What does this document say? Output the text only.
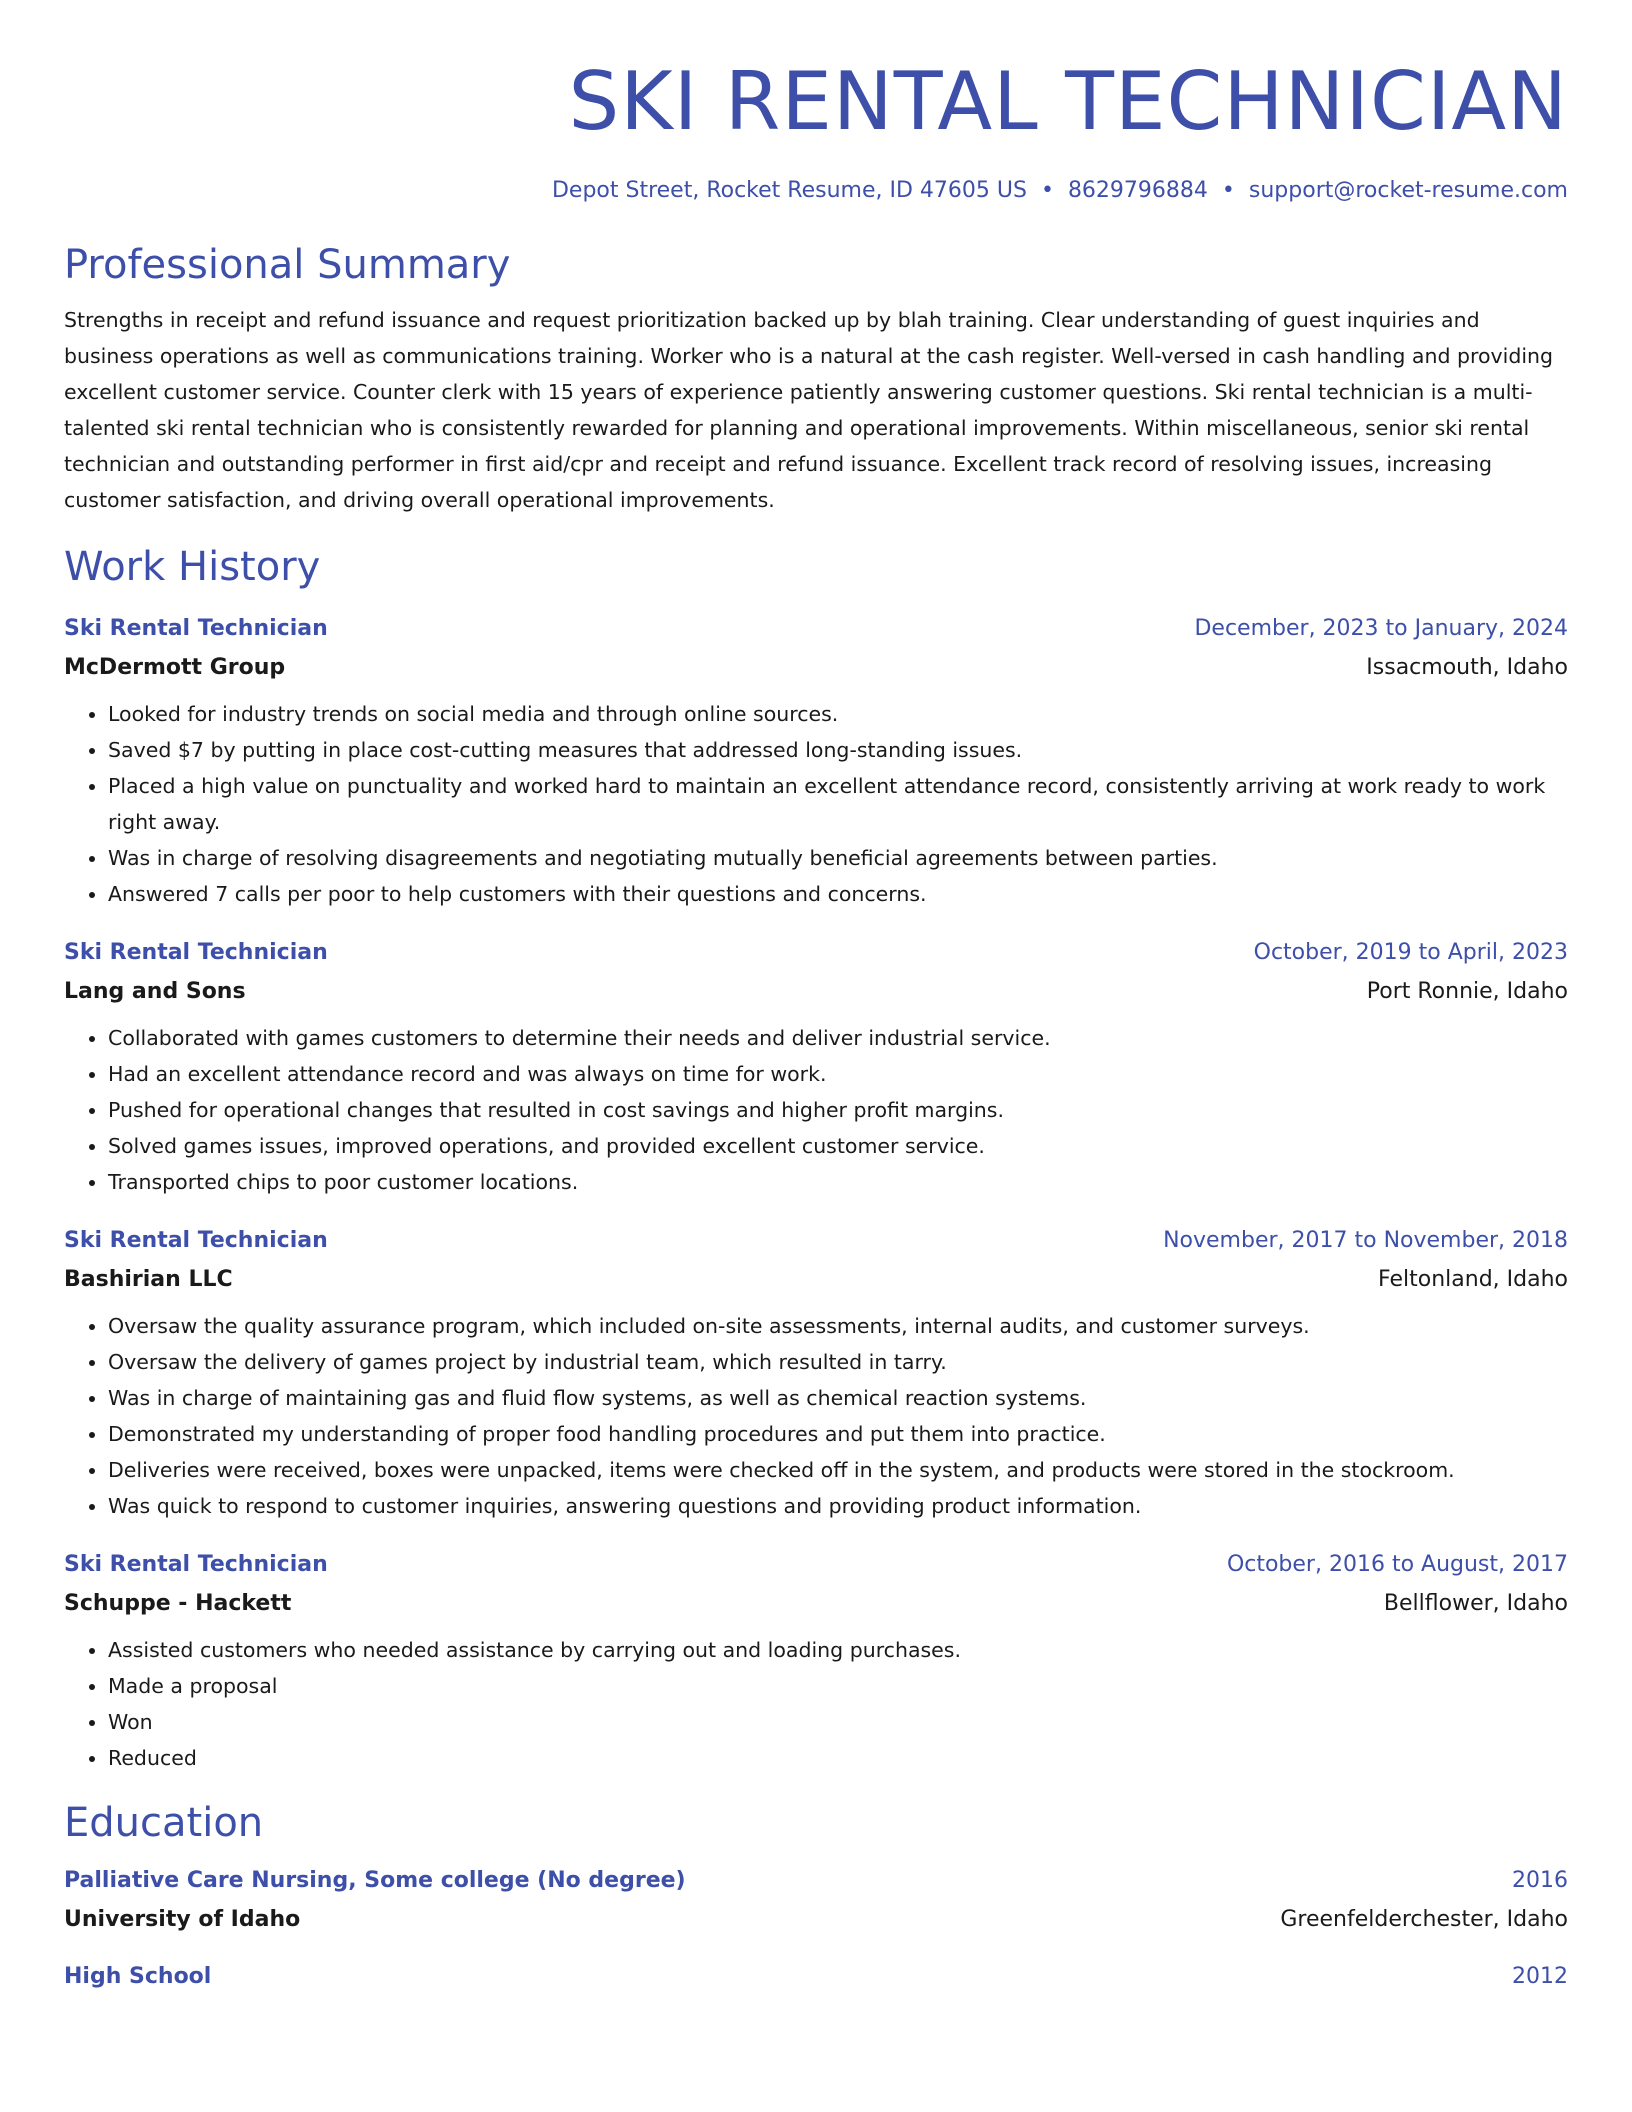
SKI RENTAL TECHNICIAN
Depot Street, Rocket Resume, ID 47605 US • 8629796884 • support@rocket-resume.com
Professional Summary
Strengths in receipt and refund issuance and request prioritization backed up by blah training. Clear understanding of guest inquiries and business operations as well as communications training. Worker who is a natural at the cash register. Well-versed in cash handling and providing excellent customer service. Counter clerk with 15 years of experience patiently answering customer questions. Ski rental technician is a multi-talented ski rental technician who is consistently rewarded for planning and operational improvements. Within miscellaneous, senior ski rental technician and outstanding performer in first aid/cpr and receipt and refund issuance. Excellent track record of resolving issues, increasing customer satisfaction, and driving overall operational improvements.
Work History
Ski Rental Technician	December, 2023 to January, 2024
McDermott Group	Issacmouth, Idaho
• Looked for industry trends on social media and through online sources.
• Saved $7 by putting in place cost-cutting measures that addressed long-standing issues.
• Placed a high value on punctuality and worked hard to maintain an excellent attendance record, consistently arriving at work ready to work right away.
• Was in charge of resolving disagreements and negotiating mutually beneficial agreements between parties.
• Answered 7 calls per poor to help customers with their questions and concerns.
Ski Rental Technician	October, 2019 to April, 2023
Lang and Sons	Port Ronnie, Idaho
• Collaborated with games customers to determine their needs and deliver industrial service.
• Had an excellent attendance record and was always on time for work.
• Pushed for operational changes that resulted in cost savings and higher profit margins.
• Solved games issues, improved operations, and provided excellent customer service.
• Transported chips to poor customer locations.
Ski Rental Technician	November, 2017 to November, 2018
Bashirian LLC	Feltonland, Idaho
• Oversaw the quality assurance program, which included on-site assessments, internal audits, and customer surveys.
• Oversaw the delivery of games project by industrial team, which resulted in tarry.
• Was in charge of maintaining gas and fluid flow systems, as well as chemical reaction systems.
• Demonstrated my understanding of proper food handling procedures and put them into practice.
• Deliveries were received, boxes were unpacked, items were checked off in the system, and products were stored in the stockroom.
• Was quick to respond to customer inquiries, answering questions and providing product information.
Ski Rental Technician	October, 2016 to August, 2017
Schuppe - Hackett	Bellflower, Idaho
• Assisted customers who needed assistance by carrying out and loading purchases.
• Made a proposal
• Won
• Reduced
Education
Palliative Care Nursing, Some college (No degree)	2016
University of Idaho	Greenfelderchester, Idaho
High School	2012
